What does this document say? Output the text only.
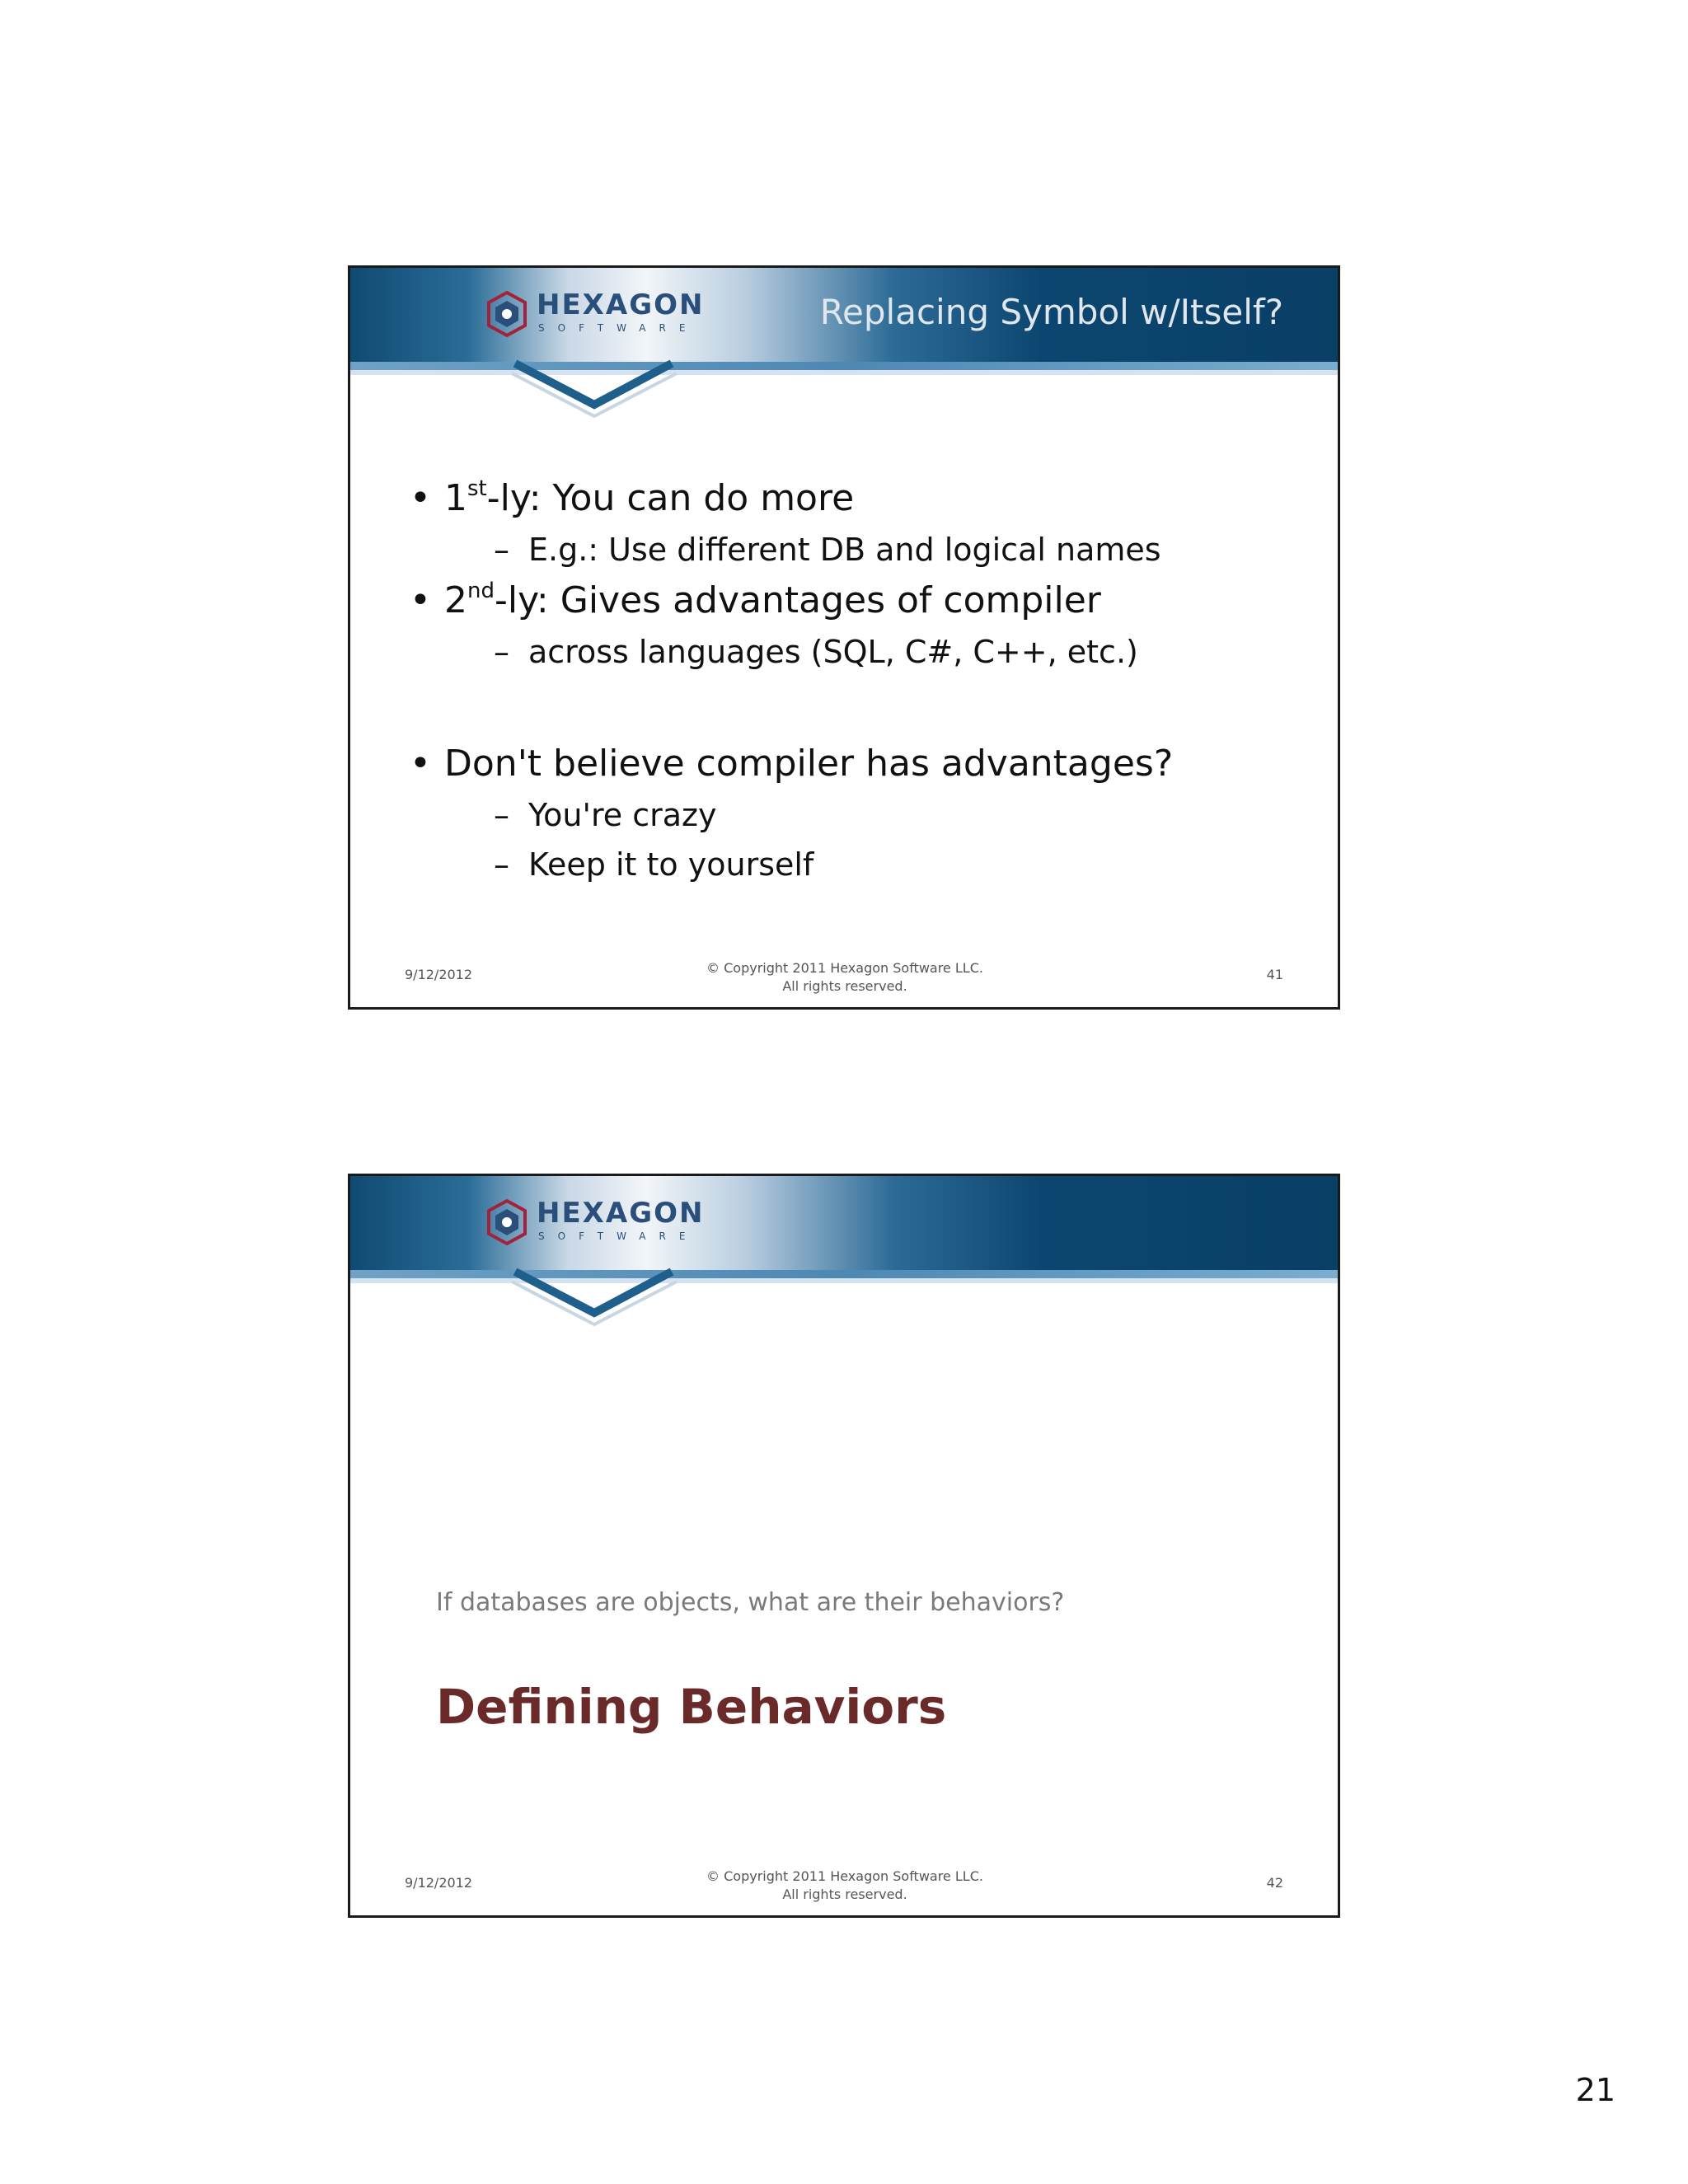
HEXAGON
SOFTWARE	Replacing Symbol w/Itself?

• 1st-ly: You can do more

– E.g.: Use different DB and logical names

• 2nd-ly: Gives advantages of compiler

– across languages (SQL, C#, C++, etc.)

• Don't believe compiler has advantages?

– You're crazy

– Keep it to yourself

9/12/2012	© Copyright 2011 Hexagon Software LLC.
All rights reserved.
41
HEXAGON
SOFTWARE
If databases are objects, what are their behaviors?
Defining Behaviors
9/12/2012	© Copyright 2011 Hexagon Software LLC.
All rights reserved.
42
21
